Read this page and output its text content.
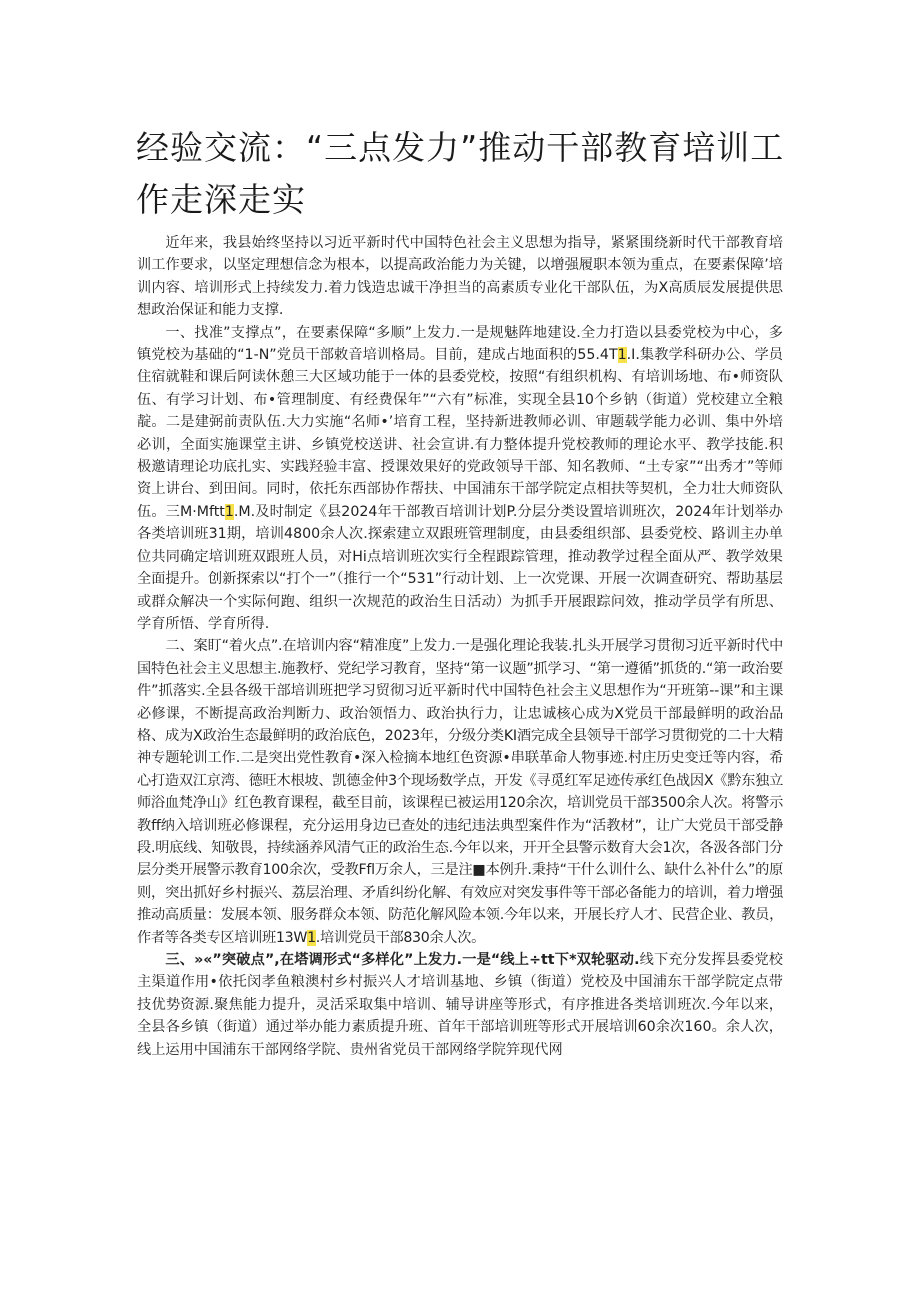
经验交流：“三点发力”推动干部教育培训工作走深走实

近年来，我县始终坚持以习近平新时代中国特色社会主义思想为指导，紧紧围绕新时代干部教育培训工作要求，以坚定理想信念为根本，以提高政治能力为关键，以增强履职本领为重点，在要素保障’培训内容、培训形式上持续发力.着力饯造忠诚干净担当的高素质专业化干部队伍，为X高质辰发展提供思想政治保证和能力支撑.

一、找准”支撑点”，在要素保障“多顺”上发力.一是规魅阵地建设.全力打造以县委党校为中心，多镇党校为基础的“1-N”党员干部敕音培训格局。目前，建成占地面积的55.4T1.I.集教学科研办公、学员住宿就鞋和课后阿读休憩三大区域功能于一体的县委党校，按照“有组织机构、有培训场地、布•师资队伍、有学习计划、布•管理制度、有经费保年”“六有”标准，实现全县10个乡钠（街道）党校建立全粮靛。二是建弼前责队伍.大力实施“名师•’培育工程，坚持新进教师必训、审题载学能力必训、集中外培必训，全面实施课堂主讲、乡镇党校送讲、社会宣讲.有力整体提升党校教师的理论水平、教学技能.积极邀请理论功底扎实、实践羟验丰富、授课效果好的党政领导干部、知名教师、“土专家”“出秀才”等师资上讲台、到田间。同时，依托东西部协作帮扶、中国浦东干部学院定点相扶等契机，全力壮大师资队伍。三M·Mftt1.M.及时制定《县2024年干部教百培训计划P.分层分类设置培训班次，2024年计划举办各类培训班31期，培训4800余人次.探索建立双跟班管理制度，由县委组织部、县委党校、路训主办单位共同确定培训班双跟班人员，对Hi点培训班次实行全程跟踪管理，推动教学过程全面从严、教学效果全面提升。创新探索以“打个一”（推行一个“531”行动计划、上一次党课、开展一次调查研究、帮助基层或群众解决一个实际何跑、组织一次规范的政治生日活动）为抓手开展跟踪问效，推动学员学有所思、学育所悟、学育所得.

二、案盯“着火点”.在培训内容“精准度”上发力.一是强化理论我装.扎头开展学习贯彻习近平新时代中国特色社会主义思想主.施教杼、党纪学习教育，坚持“第一议题”抓学习、“第一遵循”抓货的.“第一政治要件”抓落实.全县各级干部培训班把学习贸彻习近平新时代中国特色社会主义思想作为“开班第--课”和主课必修课，不断提高政治判断力、政治领悟力、政治执行力，让忠诚核心成为X党员干部最鲜明的政治品格、成为X政治生态最鲜明的政治底色，2023年，分级分类KI酒完成全县领导干部学习贯彻党的二十大精神专题轮训工作.二是突出党性教育•深入检摘本地红色资源•串联革命人物事迹.村庄历史变迁等内容，希心打造双江京湾、德旺木根坡、凯德金仲3个现场数学点，开发《寻觅红军足迹传承红色战因X《黔东独立师浴血梵净山》红色教育课程，截至目前，该课程已被运用120余次，培训党员干部3500余人次。将警示教ff纳入培训班必修课程，充分运用身边已查处的违纪违法典型案件作为“活教材”，让广大党员干部受静段.明底线、知敬畏，持续涵养风清气正的政治生态.今年以来，开开全县警示数育大会1次，各汲各部门分层分类开展警示教育100余次，受教Ffl万余人，三是注■本例升.秉持“干什么训什么、缺什么补什么”的原则，突出抓好乡村振兴、荔层治理、矛盾纠纷化解、有效应对突发事件等干部必备能力的培训，着力增强推动高质量：发展本领、服务群众本领、防范化解风险本领.今年以来，开展长疗人才、民营企业、教员，作者等各类专区培训班13W1.培训党员干部830余人次。

三、»«”突破点”,在塔调形式“多样化”上发力.一是“线上÷tt下*双轮驱动.线下充分发挥县委党校主渠道作用•依托闵孝鱼粮澳村乡村振兴人才培训基地、乡镇（街道）党校及中国浦东干部学院定点带技优势资源.聚焦能力提升，灵活采取集中培训、辅导讲座等形式，有序推进各类培训班次.今年以来，全县各乡镇（街道）通过举办能力素质提升班、首年干部培训班等形式开展培训60余次160。余人次，线上运用中国浦东干部网络学院、贵州省党员干部网络学院笄现代网
